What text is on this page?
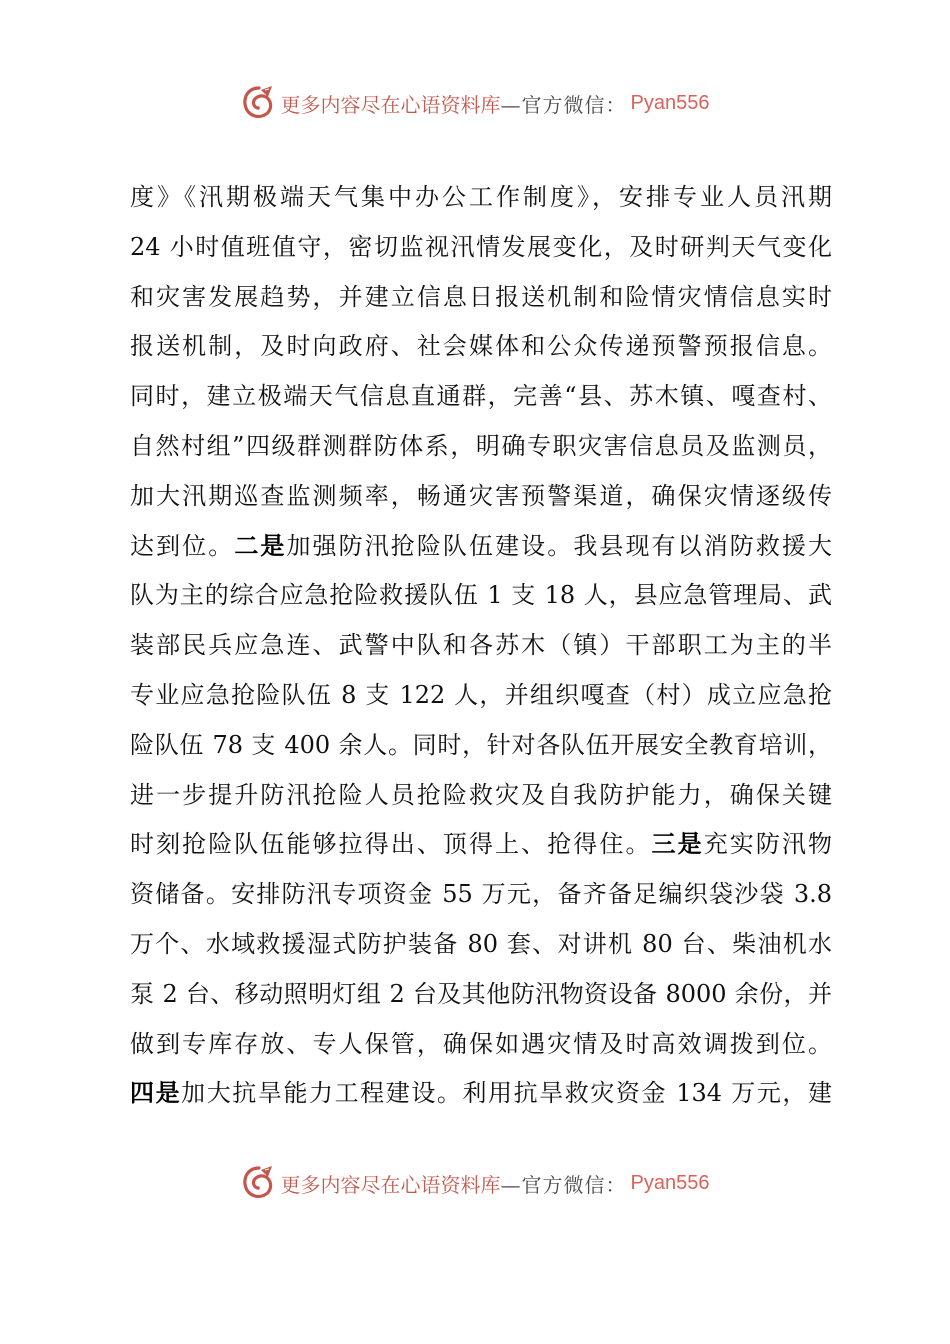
更多内容尽在心语资料库 —官方微信： Pyan556
度》《汛期极端天气集中办公工作制度》，安排专业人员汛期
24 小时值班值守，密切监视汛情发展变化，及时研判天气变化
和灾害发展趋势，并建立信息日报送机制和险情灾情信息实时
报送机制，及时向政府、社会媒体和公众传递预警预报信息。
同时，建立极端天气信息直通群，完善“县、苏木镇、嘎查村、
自然村组”四级群测群防体系，明确专职灾害信息员及监测员，
加大汛期巡查监测频率，畅通灾害预警渠道，确保灾情逐级传
达到位。二是加强防汛抢险队伍建设。我县现有以消防救援大
队为主的综合应急抢险救援队伍 1 支 18 人，县应急管理局、武
装部民兵应急连、武警中队和各苏木（镇）干部职工为主的半
专业应急抢险队伍 8 支 122 人，并组织嘎查（村）成立应急抢
险队伍 78 支 400 余人。同时，针对各队伍开展安全教育培训，
进一步提升防汛抢险人员抢险救灾及自我防护能力，确保关键
时刻抢险队伍能够拉得出、顶得上、抢得住。三是充实防汛物
资储备。安排防汛专项资金 55 万元，备齐备足编织袋沙袋 3.8
万个、水域救援湿式防护装备 80 套、对讲机 80 台、柴油机水
泵 2 台、移动照明灯组 2 台及其他防汛物资设备 8000 余份，并
做到专库存放、专人保管，确保如遇灾情及时高效调拨到位。
四是加大抗旱能力工程建设。利用抗旱救灾资金 134 万元，建
更多内容尽在心语资料库 —官方微信： Pyan556
